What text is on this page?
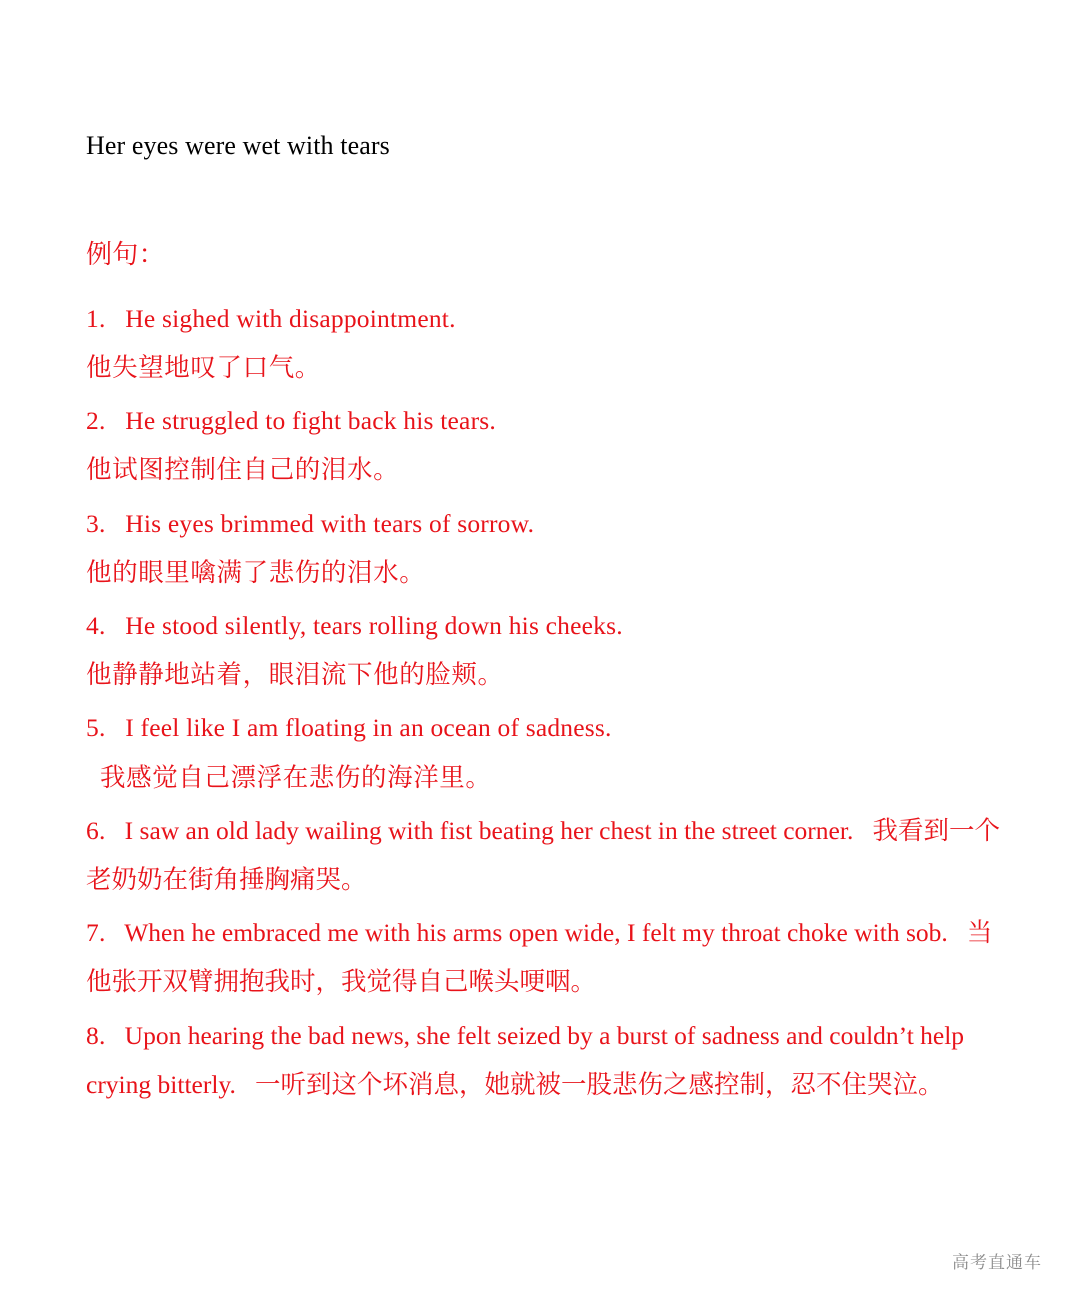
Her eyes were wet with tears
例句：
1. He sighed with disappointment.
他失望地叹了口气。
2. He struggled to fight back his tears.
他试图控制住自己的泪水。
3. His eyes brimmed with tears of sorrow.
他的眼里噙满了悲伤的泪水。
4. He stood silently, tears rolling down his cheeks.
他静静地站着，眼泪流下他的脸颊。
5. I feel like I am floating in an ocean of sadness.
我感觉自己漂浮在悲伤的海洋里。
6. I saw an old lady wailing with fist beating her chest in the street corner. 我看到一个老奶奶在街角捶胸痛哭。
7. When he embraced me with his arms open wide, I felt my throat choke with sob. 当他张开双臂拥抱我时，我觉得自己喉头哽咽。
8. Upon hearing the bad news, she felt seized by a burst of sadness and couldn’t help crying bitterly. 一听到这个坏消息，她就被一股悲伤之感控制，忍不住哭泣。
高考直通车
